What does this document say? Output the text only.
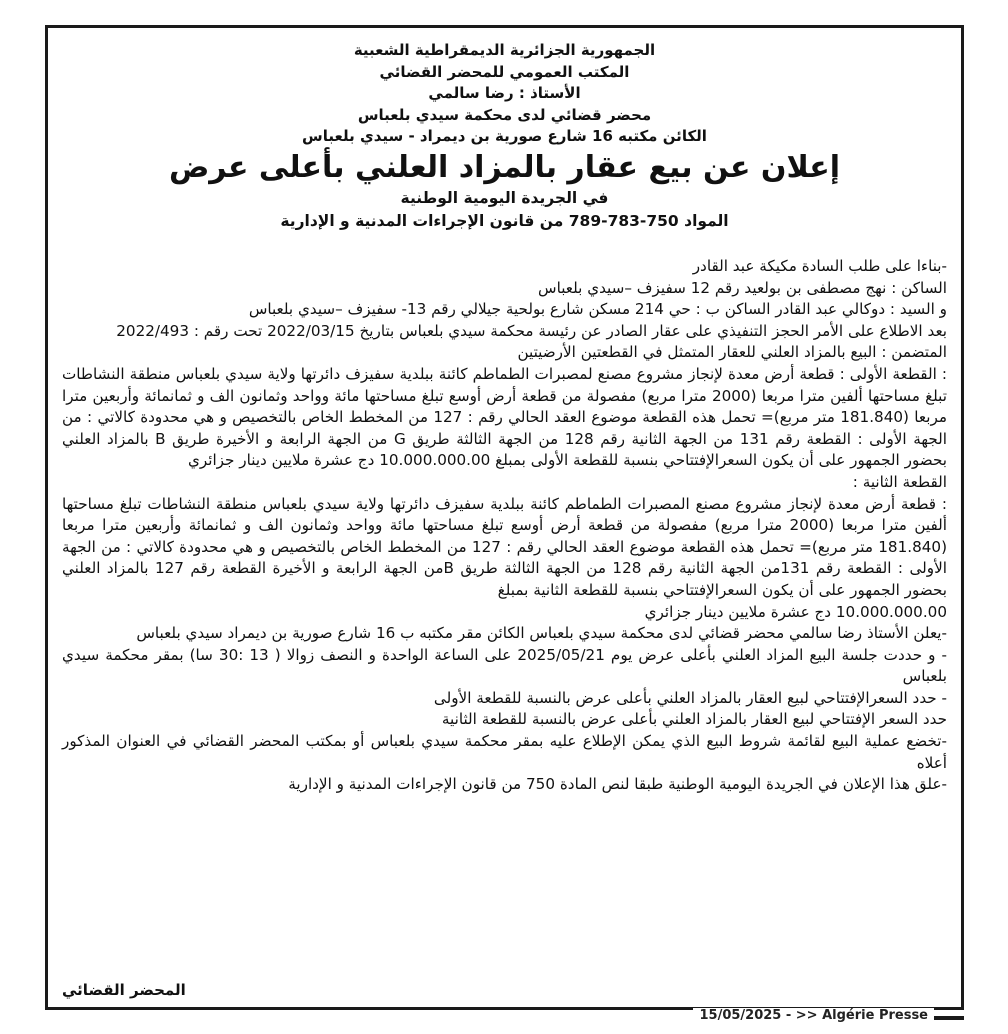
الجمهورية الجزائرية الديمقراطية الشعبية
المكتب العمومي للمحضر القضائي
الأستاذ : رضا سالمي
محضر قضائي لدى محكمة سيدي بلعباس
الكائن مكتبه 16 شارع صورية بن ديمراد - سيدي بلعباس
إعلان عن بيع عقار بالمزاد العلني بأعلى عرض
في الجريدة اليومية الوطنية
المواد 750-783-789 من قانون الإجراءات المدنية و الإدارية

-بناءا على طلب السادة مكيكة عبد القادر

الساكن : نهج مصطفى بن بولعيد رقم 12 سفيزف –سيدي بلعباس

و السيد : دوكالي عبد القادر الساكن ب : حي 214 مسكن شارع بولحية جيلالي رقم 13- سفيزف –سيدي بلعباس

بعد الاطلاع على الأمر الحجز التنفيذي على عقار الصادر عن رئيسة محكمة سيدي بلعباس بتاريخ 2022/03/15 تحت رقم : 2022/493

المتضمن : البيع بالمزاد العلني للعقار المتمثل في القطعتين الأرضيتين

: القطعة الأولى : قطعة أرض معدة لإنجاز مشروع مصنع لمصبرات الطماطم كائنة ببلدية سفيزف دائرتها ولاية سيدي بلعباس منطقة النشاطات تبلغ مساحتها ألفين مترا مربعا (2000 مترا مربع) مفصولة من قطعة أرض أوسع تبلغ مساحتها مائة وواحد وثمانون الف و ثمانمائة وأربعين مترا مربعا (181.840 متر مربع)= تحمل هذه القطعة موضوع العقد الحالي رقم : 127 من المخطط الخاص بالتخصيص و هي محدودة كالاتي : من الجهة الأولى : القطعة رقم 131 من الجهة الثانية رقم 128 من الجهة الثالثة طريق G من الجهة الرابعة و الأخيرة طريق B بالمزاد العلني بحضور الجمهور على أن يكون السعرالإفتتاحي بنسبة للقطعة الأولى بمبلغ 10.000.000.00 دج عشرة ملايين دينار جزائري

القطعة الثانية :

: قطعة أرض معدة لإنجاز مشروع مصنع المصبرات الطماطم كائنة ببلدية سفيزف دائرتها ولاية سيدي بلعباس منطقة النشاطات تبلغ مساحتها ألفين مترا مربعا (2000 مترا مربع) مفصولة من قطعة أرض أوسع تبلغ مساحتها مائة وواحد وثمانون الف و ثمانمائة وأربعين مترا مربعا (181.840 متر مربع)= تحمل هذه القطعة موضوع العقد الحالي رقم : 127 من المخطط الخاص بالتخصيص و هي محدودة كالاتي : من الجهة الأولى : القطعة رقم 131من الجهة الثانية رقم 128 من الجهة الثالثة طريق Bمن الجهة الرابعة و الأخيرة القطعة رقم 127 بالمزاد العلني بحضور الجمهور على أن يكون السعرالإفتتاحي بنسبة للقطعة الثانية بمبلغ

10.000.000.00 دج عشرة ملايين دينار جزائري

-يعلن الأستاذ رضا سالمي محضر قضائي لدى محكمة سيدي بلعباس الكائن مقر مكتبه ب 16 شارع صورية بن ديمراد سيدي بلعباس

- و حددت جلسة البيع المزاد العلني بأعلى عرض يوم 2025/05/21 على الساعة الواحدة و النصف زوالا ( 13 :30 سا) بمقر محكمة سيدي بلعباس

- حدد السعرالإفتتاحي لبيع العقار بالمزاد العلني بأعلى عرض بالنسبة للقطعة الأولى

حدد السعر الإفتتاحي لبيع العقار بالمزاد العلني بأعلى عرض بالنسبة للقطعة الثانية

-تخضع عملية البيع لقائمة شروط البيع الذي يمكن الإطلاع عليه بمقر محكمة سيدي بلعباس أو بمكتب المحضر القضائي في العنوان المذكور أعلاه

-علق هذا الإعلان في الجريدة اليومية الوطنية طبقا لنص المادة 750 من قانون الإجراءات المدنية و الإدارية

المحضر القضائي
15/05/2025 - >> Algérie Presse
